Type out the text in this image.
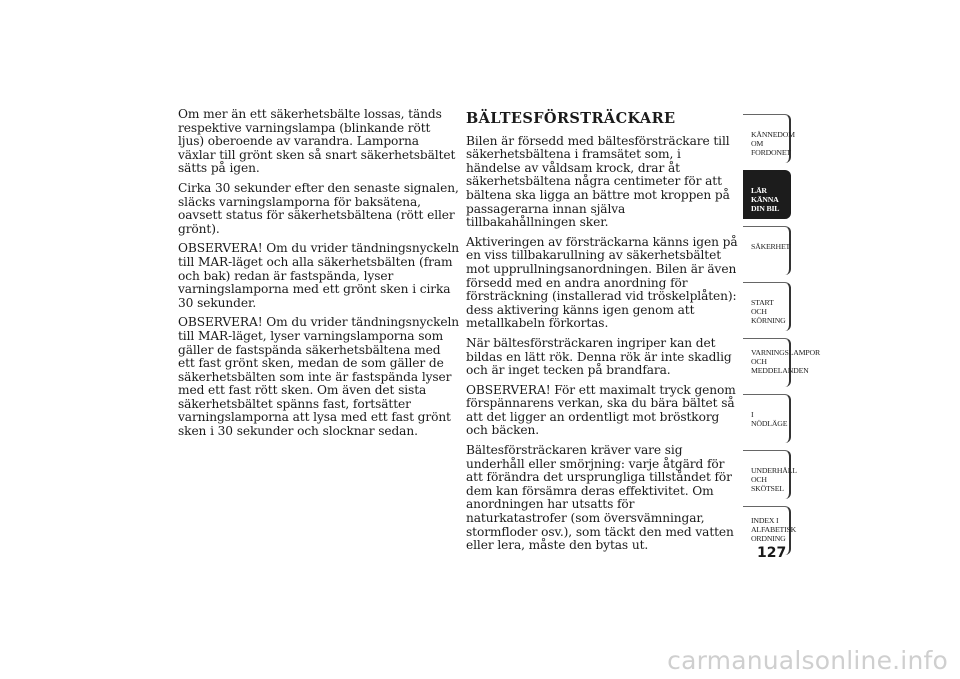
Om mer än ett säkerhetsbälte lossas, tänds respektive varningslampa (blinkande rött ljus) oberoende av varandra. Lamporna växlar till grönt sken så snart säkerhetsbältet sätts på igen.

Cirka 30 sekunder efter den senaste signalen, släcks varningslamporna för baksätena, oavsett status för säkerhetsbältena (rött eller grönt).

OBSERVERA! Om du vrider tändningsnyckeln till MAR-läget och alla säkerhetsbälten (fram och bak) redan är fastspända, lyser varningslamporna med ett grönt sken i cirka 30 sekunder.

OBSERVERA! Om du vrider tändningsnyckeln till MAR-läget, lyser varningslamporna som gäller de fastspända säkerhetsbältena med ett fast grönt sken, medan de som gäller de säkerhetsbälten som inte är fastspända lyser med ett fast rött sken. Om även det sista säkerhetsbältet spänns fast, fortsätter varningslamporna att lysa med ett fast grönt sken i 30 sekunder och slocknar sedan.

BÄLTESFÖRSTRÄCKARE

Bilen är försedd med bältesförsträckare till säkerhetsbältena i framsätet som, i händelse av våldsam krock, drar åt säkerhetsbältena några centimeter för att bältena ska ligga an bättre mot kroppen på passagerarna innan själva tillbakahållningen sker.

Aktiveringen av försträckarna känns igen på en viss tillbakarullning av säkerhetsbältet mot upprullningsanordningen. Bilen är även försedd med en andra anordning för försträckning (installerad vid tröskelplåten): dess aktivering känns igen genom att metallkabeln förkortas.

När bältesförsträckaren ingriper kan det bildas en lätt rök. Denna rök är inte skadlig och är inget tecken på brandfara.

OBSERVERA! För ett maximalt tryck genom förspännarens verkan, ska du bära bältet så att det ligger an ordentligt mot bröstkorg och bäcken.

Bältesförsträckaren kräver vare sig underhåll eller smörjning: varje åtgärd för att förändra det ursprungliga tillståndet för dem kan försämra deras effektivitet. Om anordningen har utsatts för naturkatastrofer (som översvämningar, stormfloder osv.), som täckt den med vatten eller lera, måste den bytas ut.

KÄNNEDOM OM FORDONET
LÄR KÄNNA DIN BIL
SÄKERHET
START OCH KÖRNING
VARNINGSLAMPOR OCH MEDDELANDEN
I NÖDLÄGE
UNDERHÅLL OCH SKÖTSEL
INDEX I ALFABETISK ORDNING
127
carmanualsonline.info
